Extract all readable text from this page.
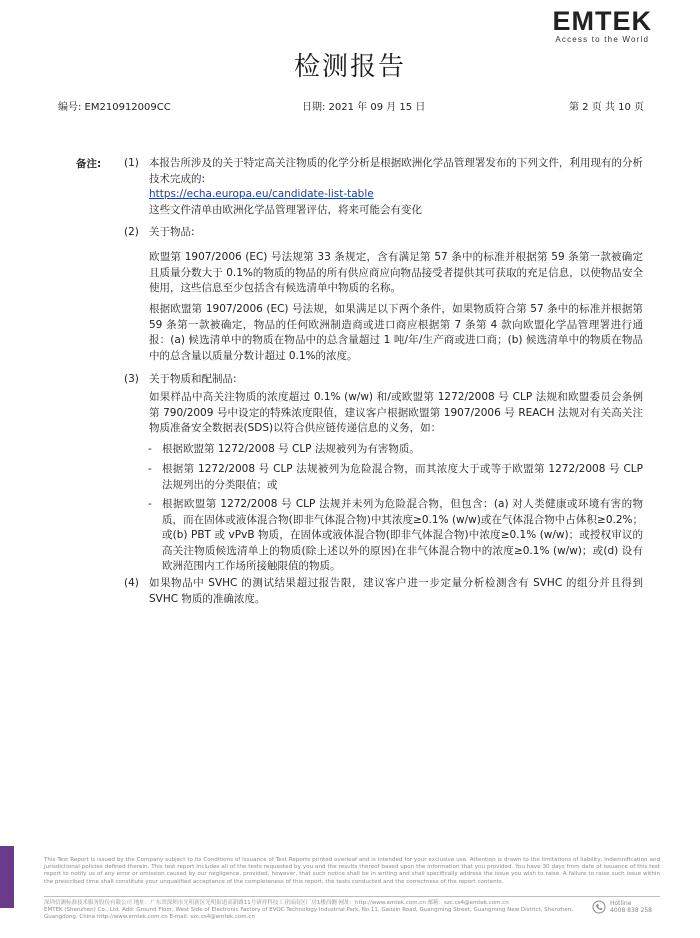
EMTEK
Access to the World
检测报告
编号: EM210912009CC	日期: 2021 年 09 月 15 日	第 2 页 共 10 页
备注: (1) 本报告所涉及的关于特定高关注物质的化学分析是根据欧洲化学品管理署发布的下列文件，利用现有的分析技术完成的:
https://echa.europa.eu/candidate-list-table
这些文件清单由欧洲化学品管理署评估，将来可能会有变化
(2) 关于物品:
欧盟第 1907/2006 (EC) 号法规第 33 条规定，含有满足第 57 条中的标准并根据第 59 条第一款被确定且质量分数大于 0.1%的物质的物品的所有供应商应向物品接受者提供其可获取的充足信息，以使物品安全使用，这些信息至少包括含有候选清单中物质的名称。
根据欧盟第 1907/2006 (EC) 号法规，如果满足以下两个条件，如果物质符合第 57 条中的标准并根据第 59 条第一款被确定，物品的任何欧洲制造商或进口商应根据第 7 条第 4 款向欧盟化学品管理署进行通报：(a) 候选清单中的物质在物品中的总含量超过 1 吨/年/生产商或进口商；(b) 候选清单中的物质在物品中的总含量以质量分数计超过 0.1%的浓度。
(3) 关于物质和配制品:
如果样品中高关注物质的浓度超过 0.1% (w/w) 和/或欧盟第 1272/2008 号 CLP 法规和欧盟委员会条例第 790/2009 号中设定的特殊浓度限值，建议客户根据欧盟第 1907/2006 号 REACH 法规对有关高关注物质准备安全数据表(SDS)以符合供应链传递信息的义务，如：
- 根据欧盟第 1272/2008 号 CLP 法规被列为有害物质。
- 根据第 1272/2008 号 CLP 法规被列为危险混合物，而其浓度大于或等于欧盟第 1272/2008 号 CLP 法规列出的分类限值；或
- 根据欧盟第 1272/2008 号 CLP 法规并未列为危险混合物，但包含：(a) 对人类健康或环境有害的物质，而在固体或液体混合物(即非气体混合物)中其浓度≥0.1% (w/w)或在气体混合物中占体积≥0.2%；或(b) PBT 或 vPvB 物质，在固体或液体混合物(即非气体混合物)中浓度≥0.1% (w/w)；或授权审议的高关注物质候选清单上的物质(除上述以外的原因)在非气体混合物中的浓度≥0.1% (w/w)；或(d) 设有欧洲范围内工作场所接触限值的物质。
(4) 如果物品中 SVHC 的测试结果超过报告限，建议客户进一步定量分析检测含有 SVHC 的组分并且得到 SVHC 物质的准确浓度。
This Test Report is issued by the Company subject to its Conditions of Issuance of Test Reports printed overleaf and is intended for your exclusive use. Attention is drawn to the limitations of liability, indemnification and jurisdictional policies defined therein. This test report includes all of the tests requested by you and the results thereof based upon the information that you provided. You have 30 days from date of issuance of this test report to notify us of any error or omission caused by our negligence, provided, however, that such notice shall be in writing and shall specifically address the issue you wish to raise. A failure to raise such issue within the prescribed time shall constitute your unqualified acceptance of the completeness of this report, the tests conducted and the correctness of the report contents.
深圳信测标准技术服务股份有限公司 地址：广东省深圳市光明新区光明街道高新路11号研祥科技工业园南区厂房1楼西侧 网址：http://www.emtek.com.cn 邮箱：szc.cs4@emtek.com.cn
EMTEK (Shenzhen) Co., Ltd. Add: Ground Floor, West Side of Electronic Factory of EVOC Technology Industrial Park, No.11, Gaoxin Road, Guangming Street, Guangming New District, Shenzhen, Guangdong, China http://www.emtek.com.cn E-mail: szc.cs4@emtek.com.cn
Hotline
4008 838 258
